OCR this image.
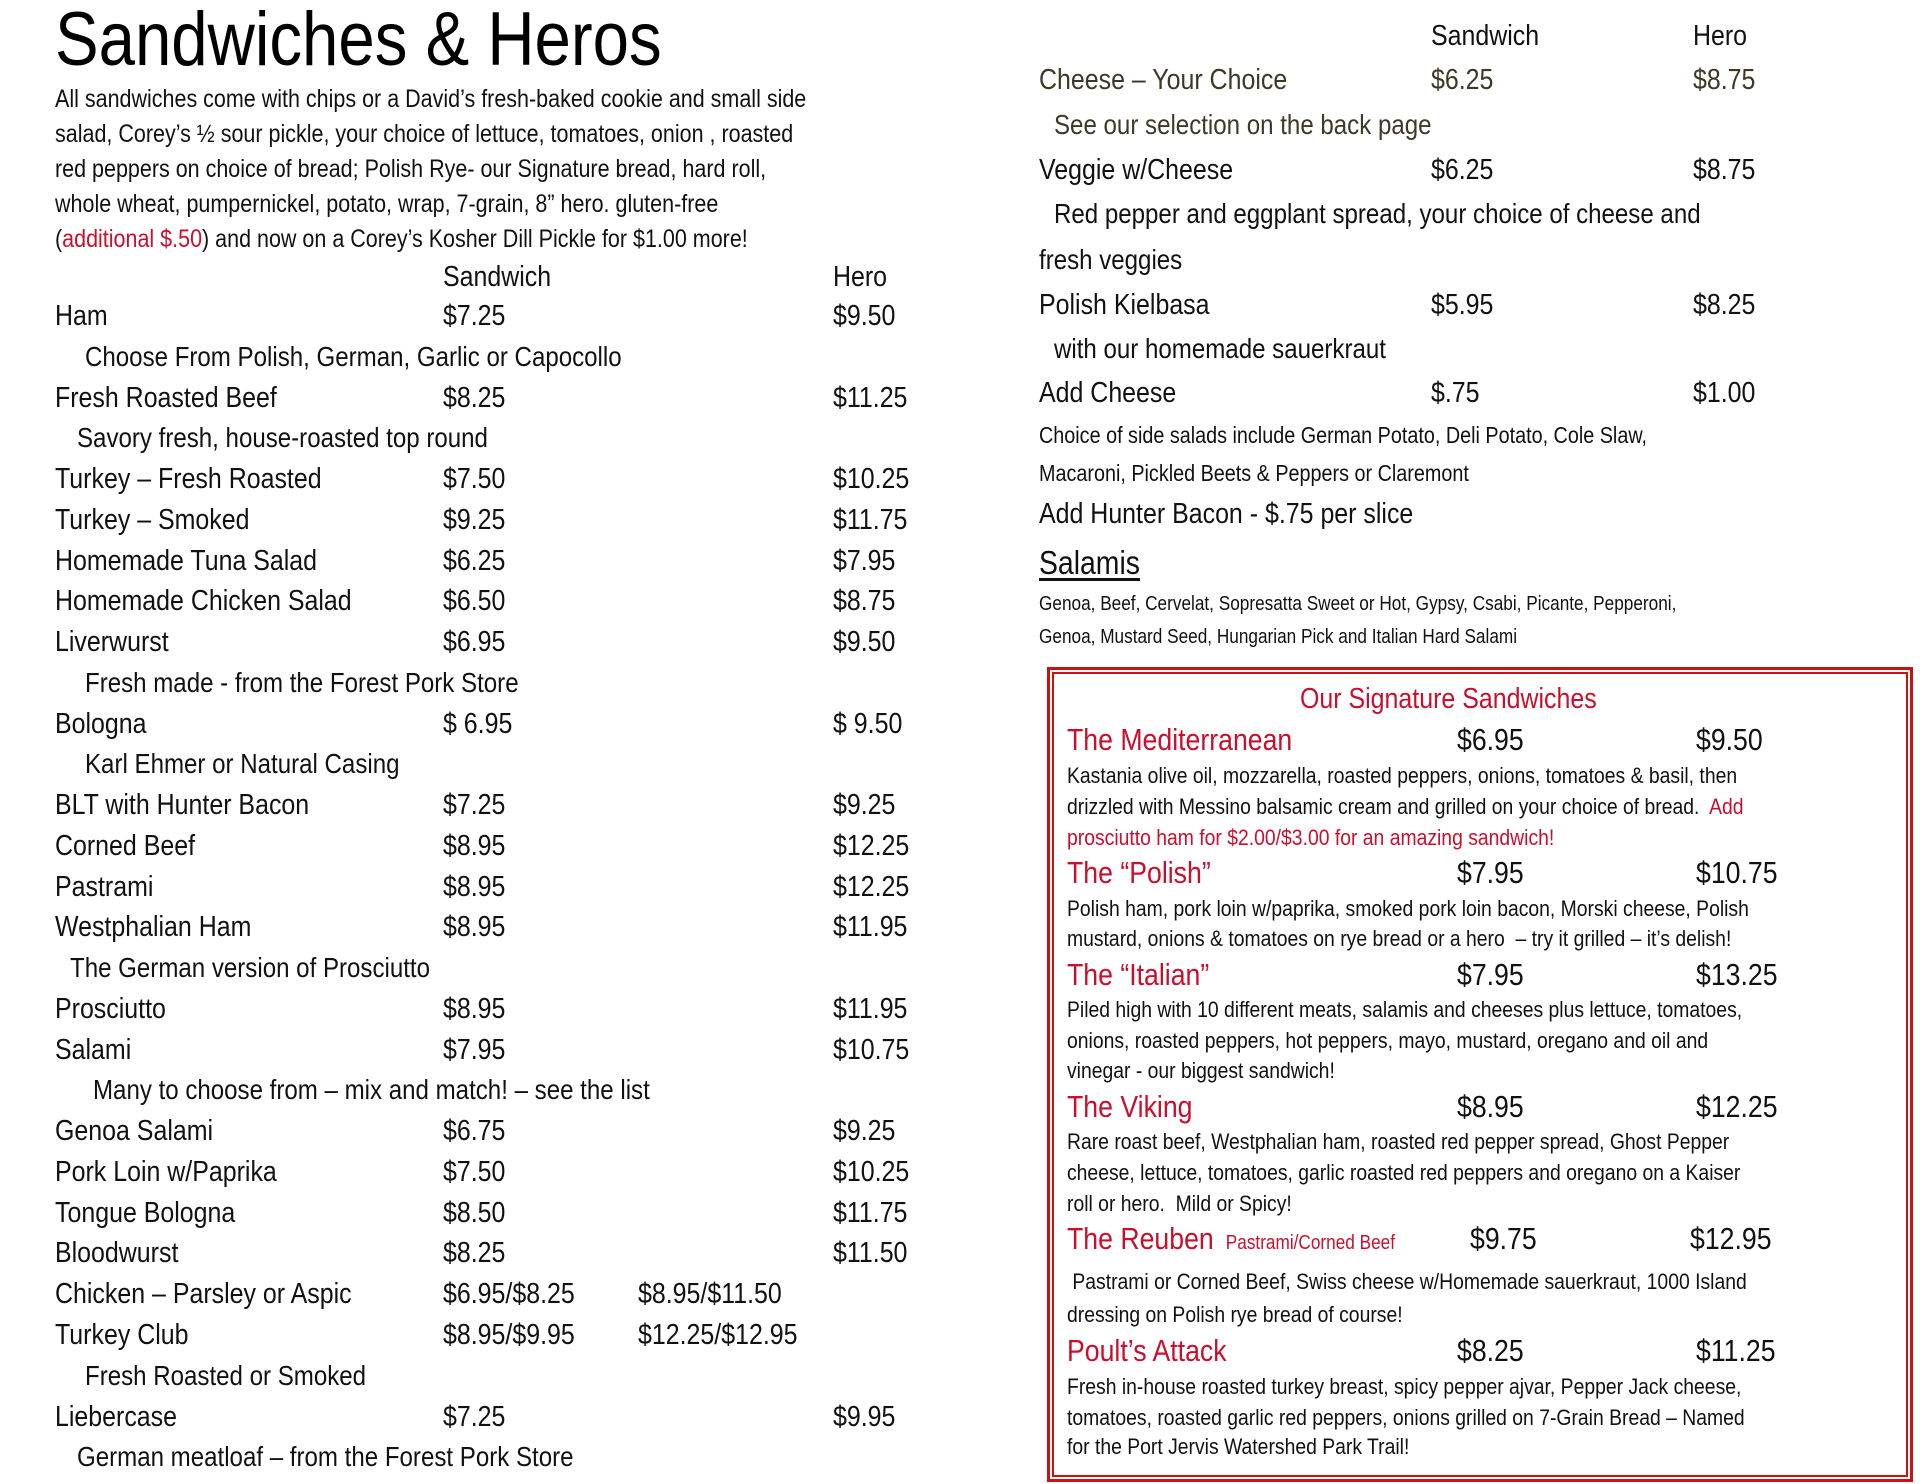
Sandwiches & Heros
All sandwiches come with chips or a David’s fresh-baked cookie and small side
salad, Corey’s ½ sour pickle, your choice of lettuce, tomatoes, onion , roasted
red peppers on choice of bread; Polish Rye- our Signature bread, hard roll,
whole wheat, pumpernickel, potato, wrap, 7-grain, 8” hero. gluten-free
(additional $.50) and now on a Corey’s Kosher Dill Pickle for $1.00 more!
Sandwich	Hero
Ham	$7.25	$9.50
Choose From Polish, German, Garlic or Capocollo
Fresh Roasted Beef	$8.25	$11.25
Savory fresh, house-roasted top round
Turkey – Fresh Roasted	$7.50	$10.25
Turkey – Smoked	$9.25	$11.75
Homemade Tuna Salad	$6.25	$7.95
Homemade Chicken Salad	$6.50	$8.75
Liverwurst	$6.95	$9.50
Fresh made - from the Forest Pork Store
Bologna	$ 6.95	$ 9.50
Karl Ehmer or Natural Casing
BLT with Hunter Bacon	$7.25	$9.25
Corned Beef	$8.95	$12.25
Pastrami	$8.95	$12.25
Westphalian Ham	$8.95	$11.95
The German version of Prosciutto
Prosciutto	$8.95	$11.95
Salami	$7.95	$10.75
Many to choose from – mix and match! – see the list
Genoa Salami	$6.75	$9.25
Pork Loin w/Paprika	$7.50	$10.25
Tongue Bologna	$8.50	$11.75
Bloodwurst	$8.25	$11.50
Chicken – Parsley or Aspic	$6.95/$8.25 $8.95/$11.50
Turkey Club	$8.95/$9.95 $12.25/$12.95
Fresh Roasted or Smoked
Liebercase	$7.25	$9.95
German meatloaf – from the Forest Pork Store
Sandwich	Hero
Cheese – Your Choice	$6.25	$8.75
See our selection on the back page
Veggie w/Cheese	$6.25	$8.75
Red pepper and eggplant spread, your choice of cheese and
fresh veggies
Polish Kielbasa	$5.95	$8.25
with our homemade sauerkraut
Add Cheese	$.75	$1.00
Choice of side salads include German Potato, Deli Potato, Cole Slaw,
Macaroni, Pickled Beets & Peppers or Claremont
Add Hunter Bacon - $.75 per slice
Salamis
Genoa, Beef, Cervelat, Sopresatta Sweet or Hot, Gypsy, Csabi, Picante, Pepperoni,
Genoa, Mustard Seed, Hungarian Pick and Italian Hard Salami
Our Signature Sandwiches
The Mediterranean	$6.95	$9.50
Kastania olive oil, mozzarella, roasted peppers, onions, tomatoes & basil, then
drizzled with Messino balsamic cream and grilled on your choice of bread.  Add
prosciutto ham for $2.00/$3.00 for an amazing sandwich!
The “Polish”	$7.95	$10.75
Polish ham, pork loin w/paprika, smoked pork loin bacon, Morski cheese, Polish
mustard, onions & tomatoes on rye bread or a hero  – try it grilled – it’s delish!
The “Italian”	$7.95	$13.25
Piled high with 10 different meats, salamis and cheeses plus lettuce, tomatoes,
onions, roasted peppers, hot peppers, mayo, mustard, oregano and oil and
vinegar - our biggest sandwich!
The Viking	$8.95	$12.25
Rare roast beef, Westphalian ham, roasted red pepper spread, Ghost Pepper
cheese, lettuce, tomatoes, garlic roasted red peppers and oregano on a Kaiser
roll or hero.  Mild or Spicy!
The Reuben Pastrami/Corned Beef $9.75	$12.95
Pastrami or Corned Beef, Swiss cheese w/Homemade sauerkraut, 1000 Island
dressing on Polish rye bread of course!
Poult’s Attack	$8.25	$11.25
Fresh in-house roasted turkey breast, spicy pepper ajvar, Pepper Jack cheese,
tomatoes, roasted garlic red peppers, onions grilled on 7-Grain Bread – Named
for the Port Jervis Watershed Park Trail!
